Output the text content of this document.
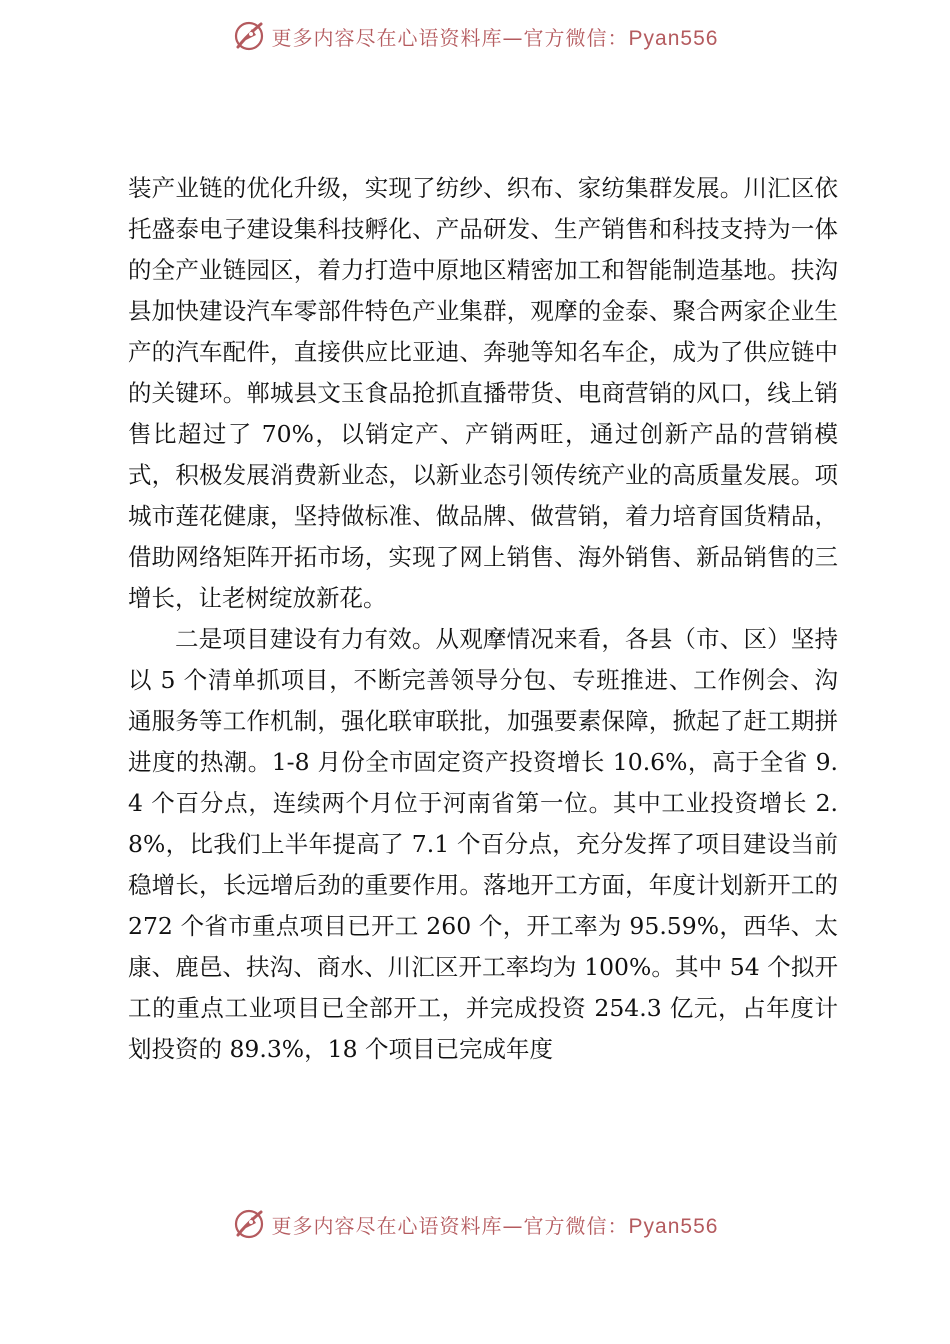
更多内容尽在心语资料库—官方微信：Pyan556

装产业链的优化升级，实现了纺纱、织布、家纺集群发展。川汇区依托盛泰电子建设集科技孵化、产品研发、生产销售和科技支持为一体的全产业链园区，着力打造中原地区精密加工和智能制造基地。扶沟县加快建设汽车零部件特色产业集群，观摩的金泰、聚合两家企业生产的汽车配件，直接供应比亚迪、奔驰等知名车企，成为了供应链中的关键环。郸城县文玉食品抢抓直播带货、电商营销的风口，线上销售比超过了 70%，以销定产、产销两旺，通过创新产品的营销模式，积极发展消费新业态，以新业态引领传统产业的高质量发展。项城市莲花健康，坚持做标准、做品牌、做营销，着力培育国货精品，借助网络矩阵开拓市场，实现了网上销售、海外销售、新品销售的三增长，让老树绽放新花。

二是项目建设有力有效。从观摩情况来看，各县（市、区）坚持以 5 个清单抓项目，不断完善领导分包、专班推进、工作例会、沟通服务等工作机制，强化联审联批，加强要素保障，掀起了赶工期拼进度的热潮。1-8 月份全市固定资产投资增长 10.6%，高于全省 9.4 个百分点，连续两个月位于河南省第一位。其中工业投资增长 2.8%，比我们上半年提高了 7.1 个百分点，充分发挥了项目建设当前稳增长，长远增后劲的重要作用。落地开工方面，年度计划新开工的 272 个省市重点项目已开工 260 个，开工率为 95.59%，西华、太康、鹿邑、扶沟、商水、川汇区开工率均为 100%。其中 54 个拟开工的重点工业项目已全部开工，并完成投资 254.3 亿元，占年度计划投资的 89.3%，18 个项目已完成年度

更多内容尽在心语资料库—官方微信：Pyan556
